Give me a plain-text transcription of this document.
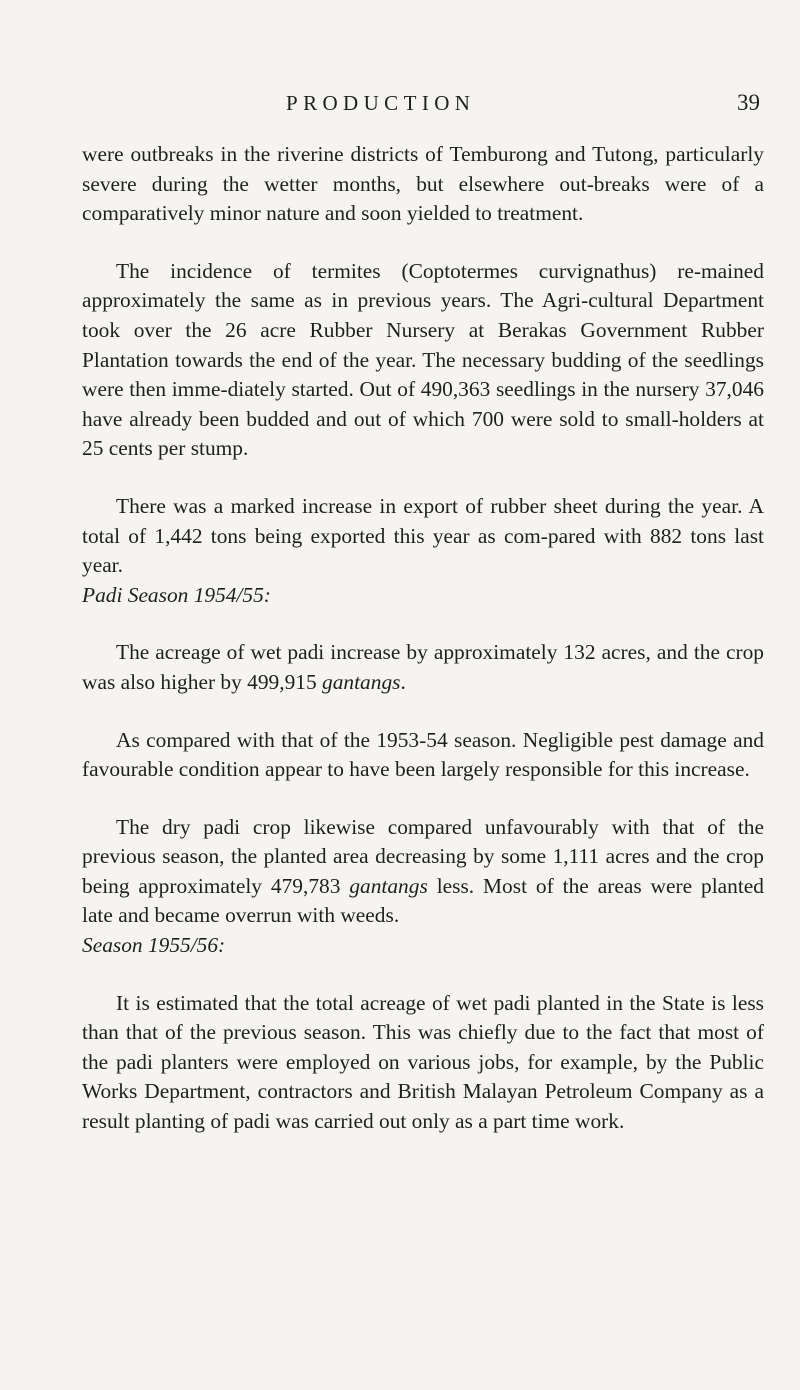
PRODUCTION	39

were outbreaks in the riverine districts of Temburong and Tutong, particularly severe during the wetter months, but elsewhere out-breaks were of a comparatively minor nature and soon yielded to treatment.

The incidence of termites (Coptotermes curvignathus) re-mained approximately the same as in previous years. The Agri-cultural Department took over the 26 acre Rubber Nursery at Berakas Government Rubber Plantation towards the end of the year. The necessary budding of the seedlings were then imme-diately started. Out of 490,363 seedlings in the nursery 37,046 have already been budded and out of which 700 were sold to small-holders at 25 cents per stump.

There was a marked increase in export of rubber sheet during the year. A total of 1,442 tons being exported this year as com-pared with 882 tons last year.

Padi Season 1954/55:

The acreage of wet padi increase by approximately 132 acres, and the crop was also higher by 499,915 gantangs.

As compared with that of the 1953-54 season. Negligible pest damage and favourable condition appear to have been largely responsible for this increase.

The dry padi crop likewise compared unfavourably with that of the previous season, the planted area decreasing by some 1,111 acres and the crop being approximately 479,783 gantangs less. Most of the areas were planted late and became overrun with weeds.

Season 1955/56:

It is estimated that the total acreage of wet padi planted in the State is less than that of the previous season. This was chiefly due to the fact that most of the padi planters were employed on various jobs, for example, by the Public Works Department, contractors and British Malayan Petroleum Company as a result planting of padi was carried out only as a part time work.
